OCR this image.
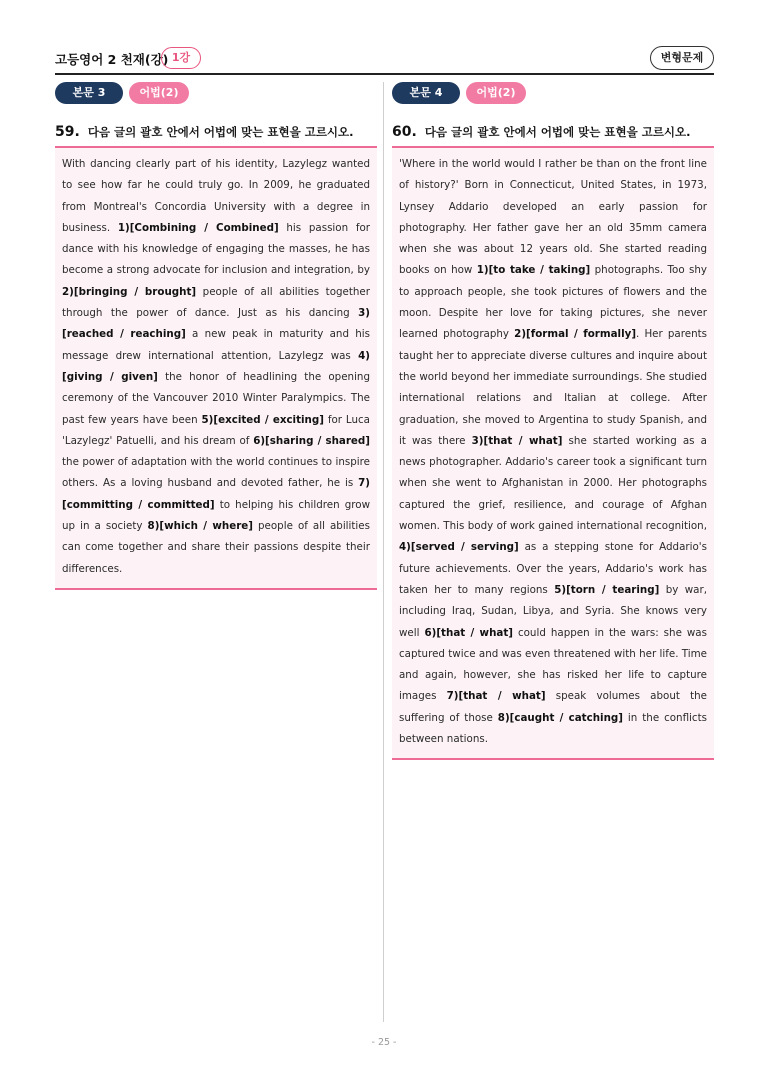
고등영어 2 천재(강) 1강	변형문제
본문 3	어법(2)
59. 다음 글의 괄호 안에서 어법에 맞는 표현을 고르시오.

With dancing clearly part of his identity, Lazylegz wanted to see how far he could truly go. In 2009, he graduated from Montreal's Concordia University with a degree in business. 1)[Combining / Combined] his passion for dance with his knowledge of engaging the masses, he has become a strong advocate for inclusion and integration, by 2)[bringing / brought] people of all abilities together through the power of dance. Just as his dancing 3)[reached / reaching] a new peak in maturity and his message drew international attention, Lazylegz was 4)[giving / given] the honor of headlining the opening ceremony of the Vancouver 2010 Winter Paralympics. The past few years have been 5)[excited / exciting] for Luca 'Lazylegz' Patuelli, and his dream of 6)[sharing / shared] the power of adaptation with the world continues to inspire others. As a loving husband and devoted father, he is 7)[committing / committed] to helping his children grow up in a society 8)[which / where] people of all abilities can come together and share their passions despite their differences.

본문 4	어법(2)
60. 다음 글의 괄호 안에서 어법에 맞는 표현을 고르시오.

'Where in the world would I rather be than on the front line of history?' Born in Connecticut, United States, in 1973, Lynsey Addario developed an early passion for photography. Her father gave her an old 35mm camera when she was about 12 years old. She started reading books on how 1)[to take / taking] photographs. Too shy to approach people, she took pictures of flowers and the moon. Despite her love for taking pictures, she never learned photography 2)[formal / formally]. Her parents taught her to appreciate diverse cultures and inquire about the world beyond her immediate surroundings. She studied international relations and Italian at college. After graduation, she moved to Argentina to study Spanish, and it was there 3)[that / what] she started working as a news photographer. Addario's career took a significant turn when she went to Afghanistan in 2000. Her photographs captured the grief, resilience, and courage of Afghan women. This body of work gained international recognition, 4)[served / serving] as a stepping stone for Addario's future achievements. Over the years, Addario's work has taken her to many regions 5)[torn / tearing] by war, including Iraq, Sudan, Libya, and Syria. She knows very well 6)[that / what] could happen in the wars: she was captured twice and was even threatened with her life. Time and again, however, she has risked her life to capture images 7)[that / what] speak volumes about the suffering of those 8)[caught / catching] in the conflicts between nations.

- 25 -
